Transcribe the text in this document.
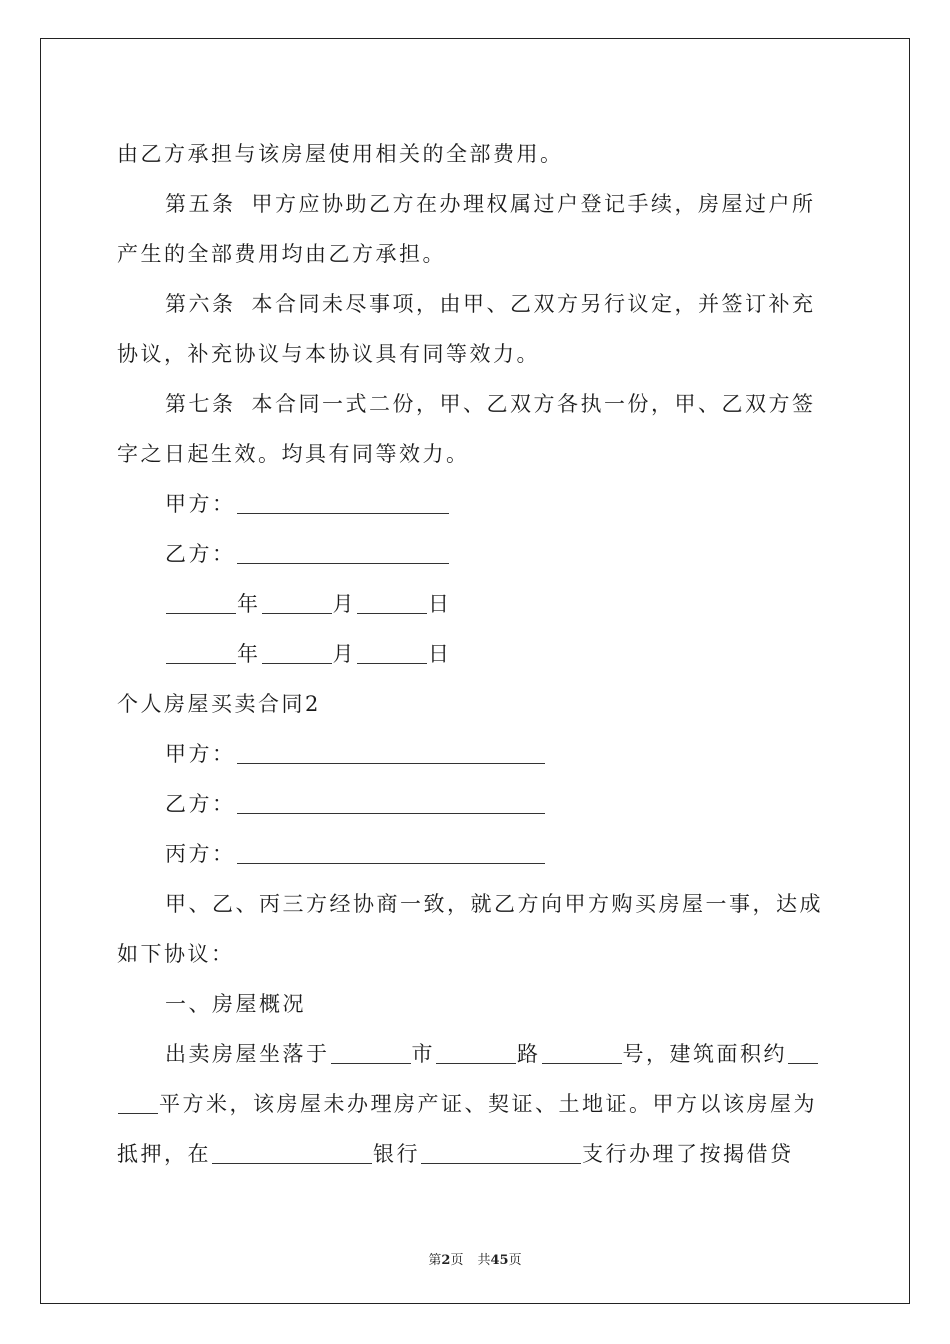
由乙方承担与该房屋使用相关的全部费用。
第五条 甲方应协助乙方在办理权属过户登记手续，房屋过户所
产生的全部费用均由乙方承担。
第六条 本合同未尽事项，由甲、乙双方另行议定，并签订补充
协议，补充协议与本协议具有同等效力。
第七条 本合同一式二份，甲、乙双方各执一份，甲、乙双方签
字之日起生效。均具有同等效力。
甲方：
乙方：
年	月	日
年	月	日
个人房屋买卖合同2
甲方：
乙方：
丙方：
甲、乙、丙三方经协商一致，就乙方向甲方购买房屋一事，达成
如下协议：
一、房屋概况
出卖房屋坐落于	市	路	号，建筑面积约
平方米，该房屋未办理房产证、契证、土地证。甲方以该房屋为
抵押，在	银行	支行办理了按揭借贷
第2页 共45页
